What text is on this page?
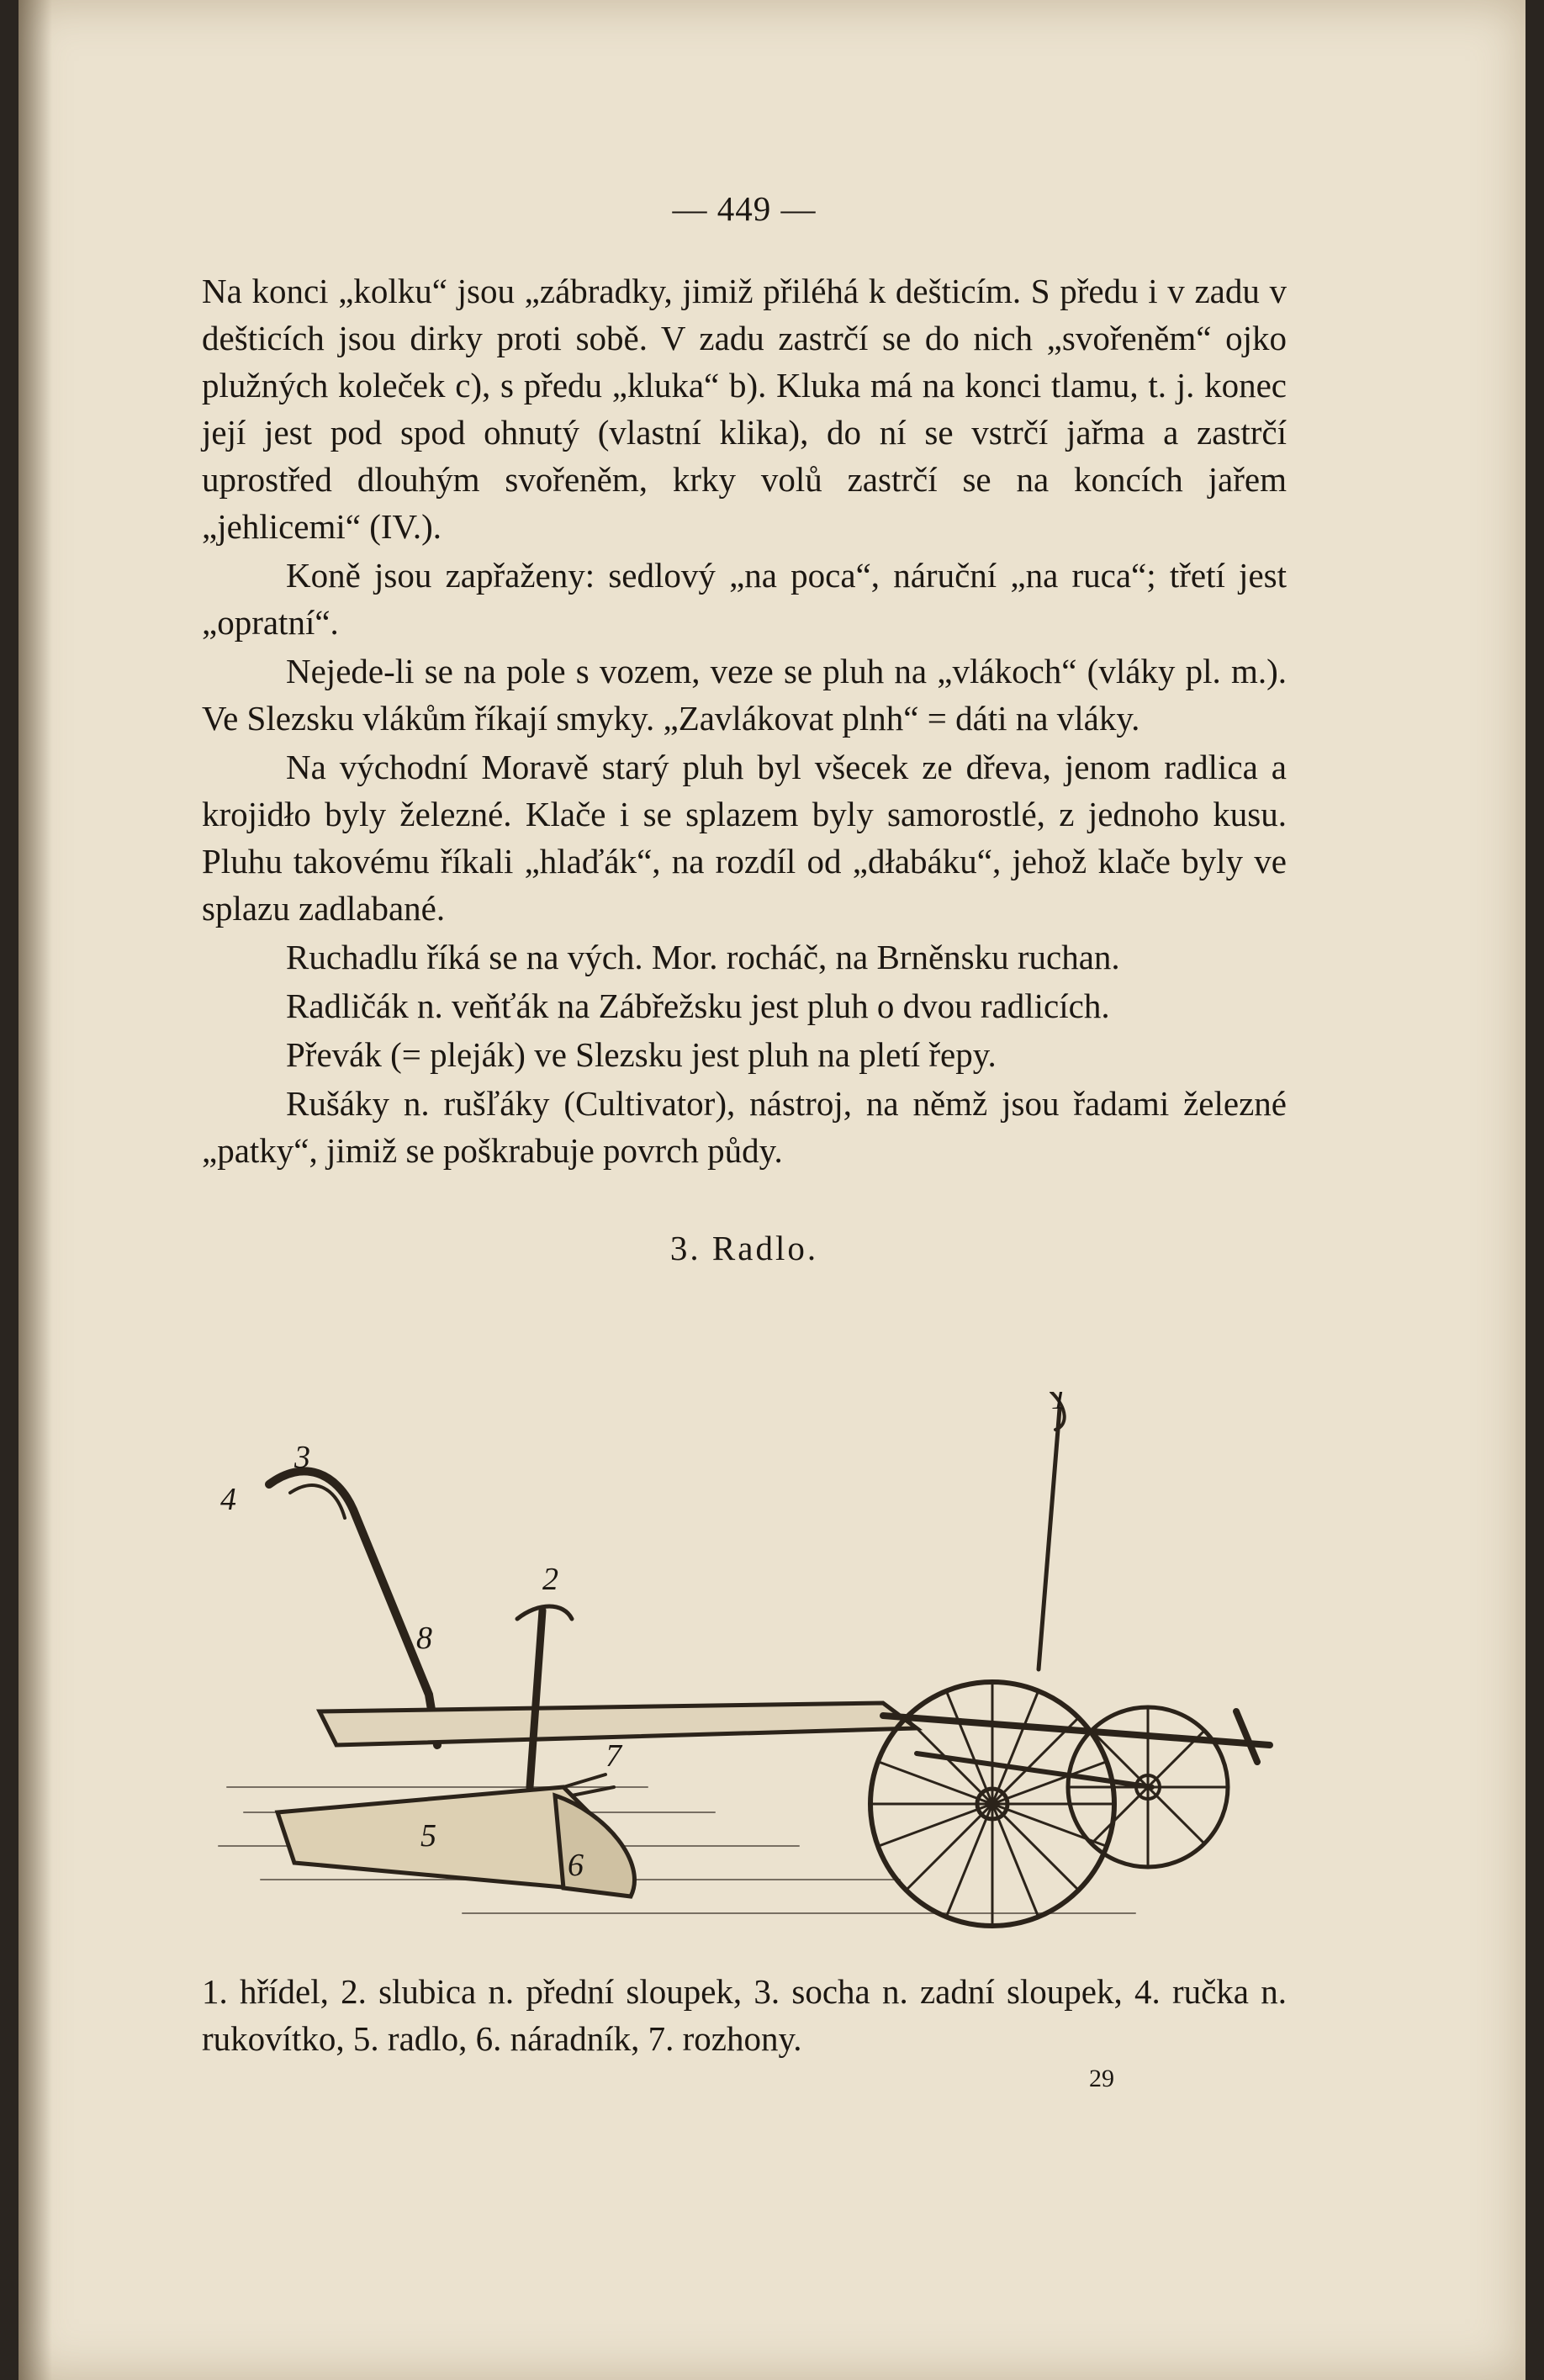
— 449 —

Na konci „kolku“ jsou „zábradky, jimiž přiléhá k dešticím. S předu i v zadu v dešticích jsou dirky proti sobě. V zadu zastrčí se do nich „svořeněm“ ojko plužných koleček c), s předu „kluka“ b). Kluka má na konci tlamu, t. j. konec její jest pod spod ohnutý (vlastní klika), do ní se vstrčí jařma a zastrčí uprostřed dlouhým svořeněm, krky volů zastrčí se na koncích jařem „jehlicemi“ (IV.).

Koně jsou zapřaženy: sedlový „na poca“, náruční „na ruca“; třetí jest „opratní“.

Nejede-li se na pole s vozem, veze se pluh na „vlákoch“ (vláky pl. m.). Ve Slezsku vlákům říkají smyky. „Zavlákovat plnh“ = dáti na vláky.

Na východní Moravě starý pluh byl všecek ze dřeva, jenom radlica a krojidło byly železné. Klače i se splazem byly samorostlé, z jednoho kusu. Pluhu takovému říkali „hlaďák“, na rozdíl od „dłabáku“, jehož klače byly ve splazu zadlabané.

Ruchadlu říká se na vých. Mor. rocháč, na Brněnsku ruchan.

Radličák n. veňťák na Zábřežsku jest pluh o dvou radlicích.

Převák (= pleják) ve Slezsku jest pluh na pletí řepy.

Rušáky n. rušľáky (Cultivator), nástroj, na němž jsou řadami železné „patky“, jimiž se poškrabuje povrch půdy.

3. Radlo.
1
2
3
4
5
6
7
8
1. hřídel, 2. slubica n. přední sloupek, 3. socha n. zadní sloupek, 4. ručka n. rukovítko, 5. radlo, 6. náradník, 7. rozhony.
29
